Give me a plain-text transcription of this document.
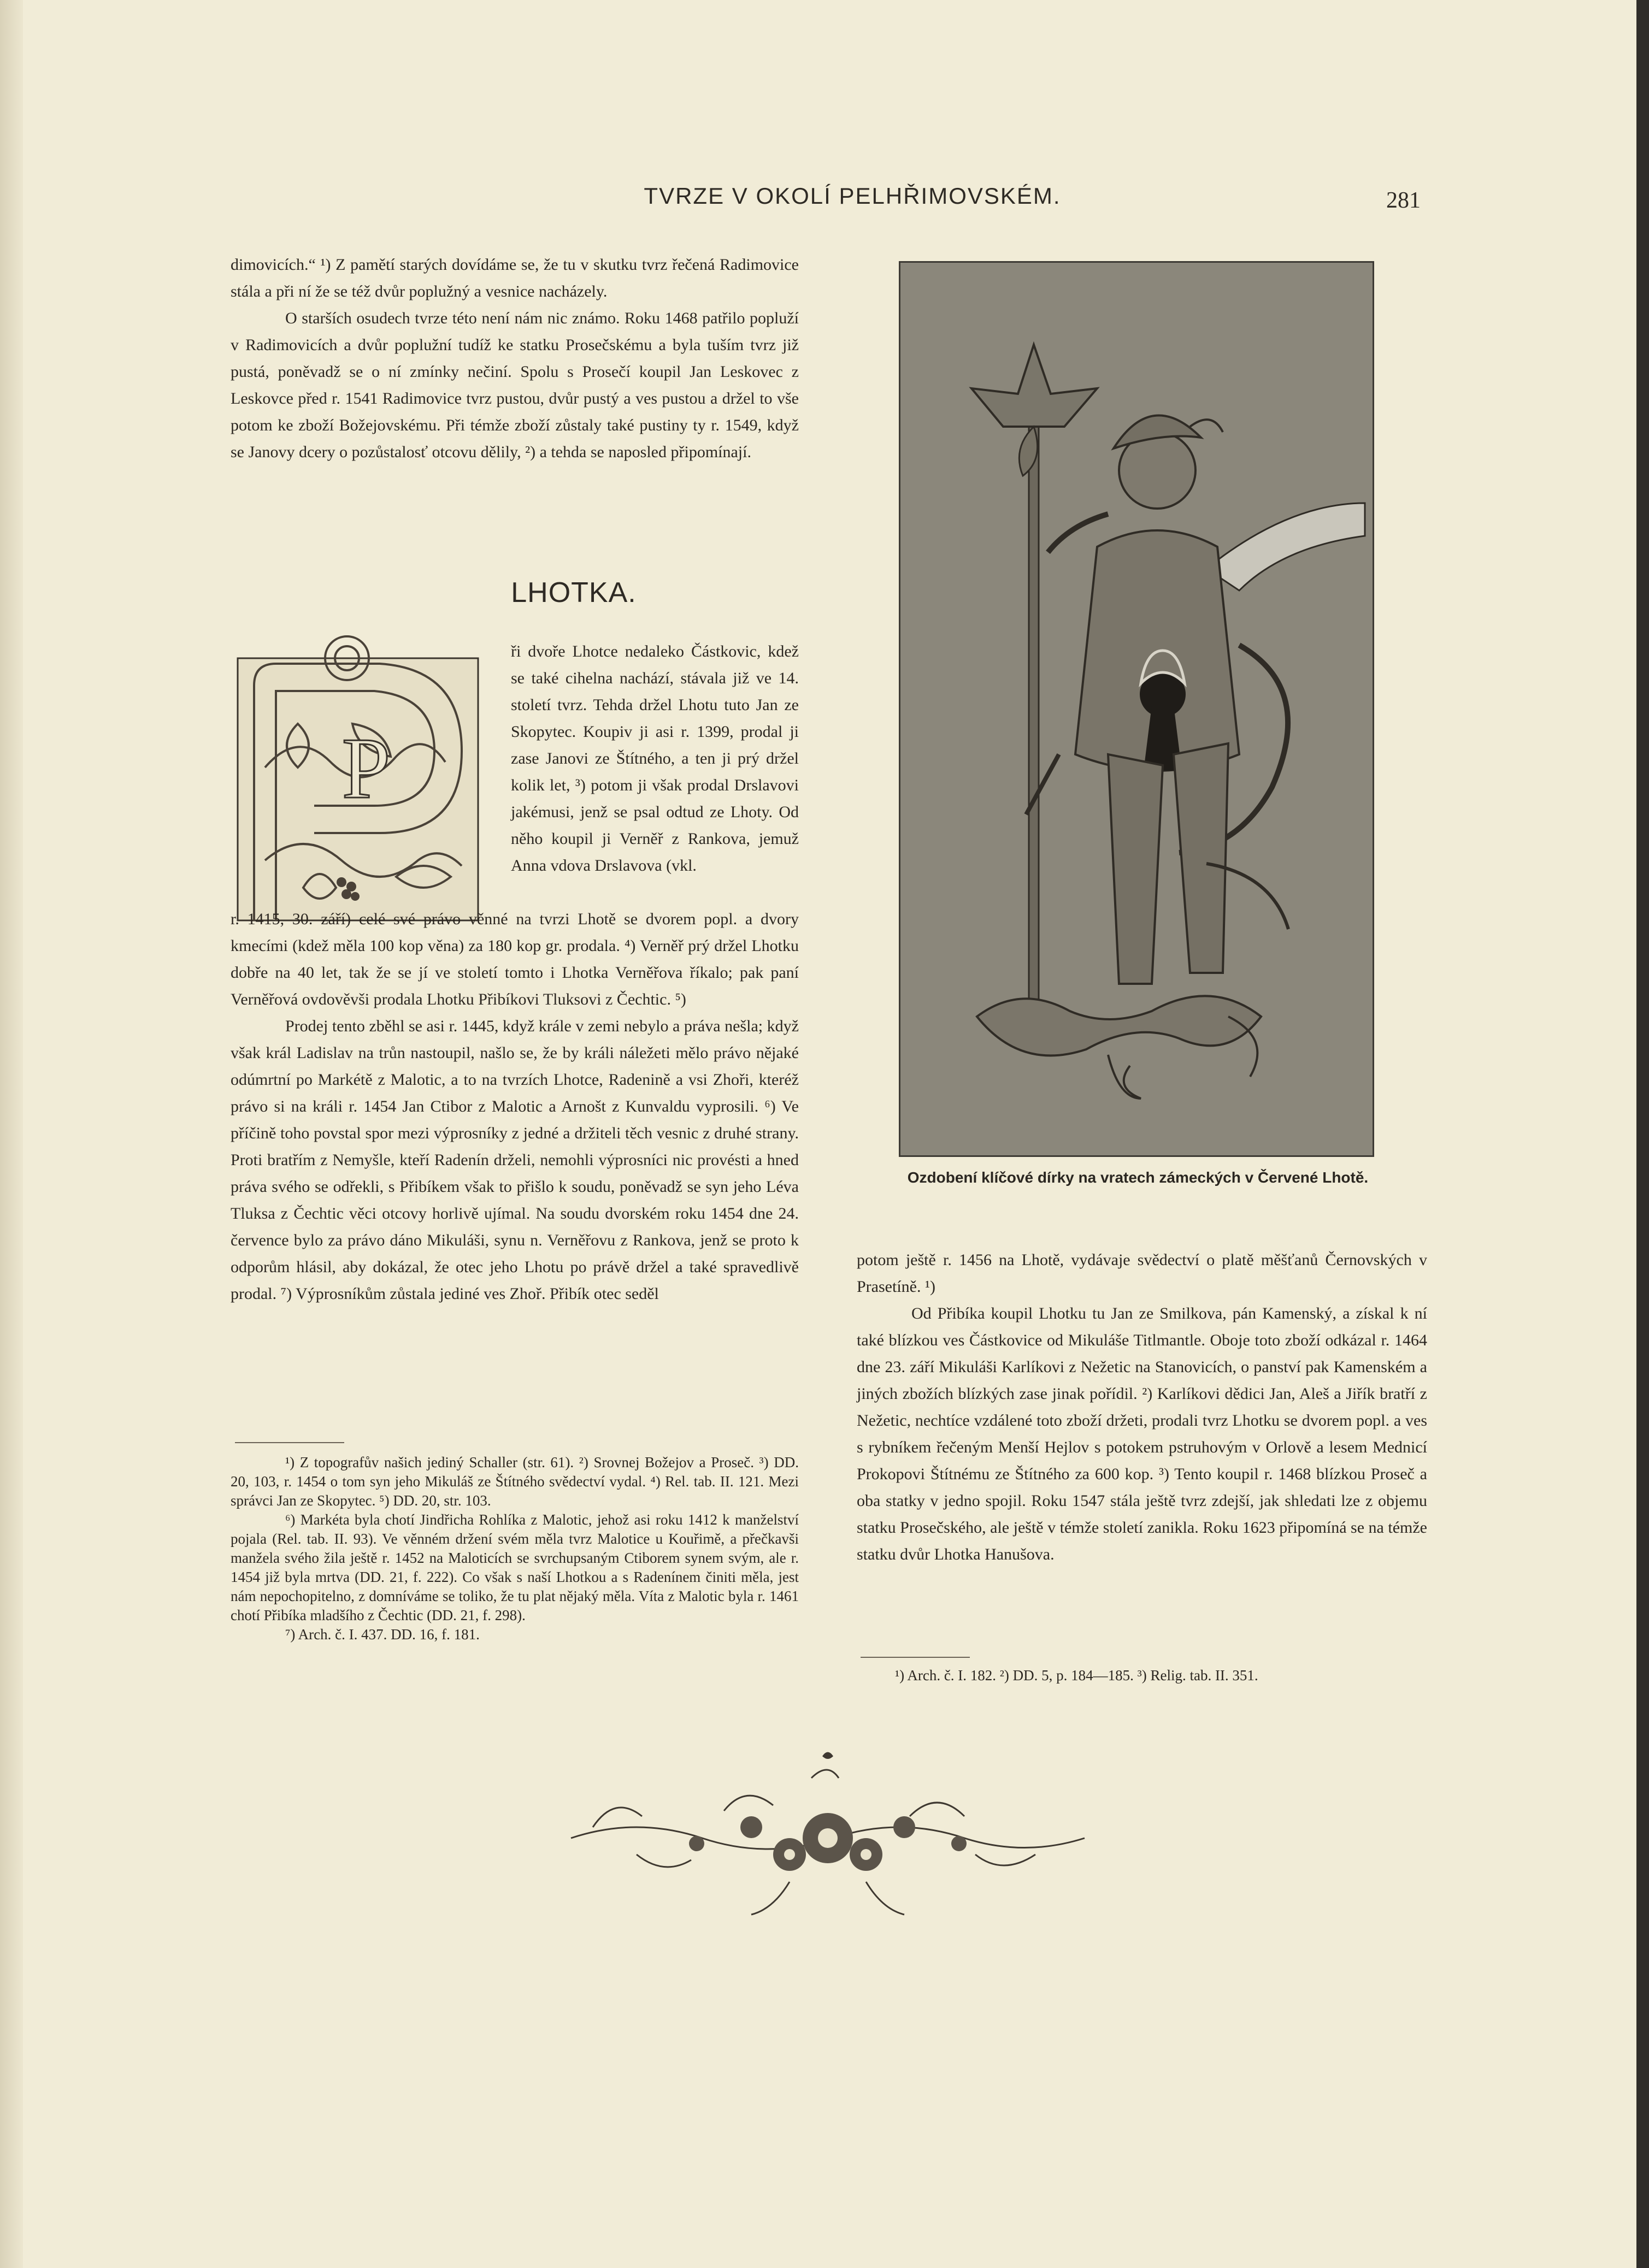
TVRZE V OKOLÍ PELHŘIMOVSKÉM.	281

dimovicích.“ ¹) Z pamětí starých dovídáme se, že tu v skutku tvrz řečená Radimovice stála a při ní že se též dvůr poplužný a vesnice nacházely.

O starších osudech tvrze této není nám nic známo. Roku 1468 patřilo popluží v Radimovicích a dvůr poplužní tudíž ke statku Prosečskému a byla tuším tvrz již pustá, poněvadž se o ní zmínky nečiní. Spolu s Prosečí koupil Jan Leskovec z Leskovce před r. 1541 Radimovice tvrz pustou, dvůr pustý a ves pustou a držel to vše potom ke zboží Božejovskému. Při témže zboží zůstaly také pustiny ty r. 1549, když se Janovy dcery o pozůstalosť otcovu dělily, ²) a tehda se naposled připomínají.

LHOTKA.
P

ři dvoře Lhotce nedaleko Částkovic, kdež se také cihelna nachází, stávala již ve 14. století tvrz. Tehda držel Lhotu tuto Jan ze Skopytec. Koupiv ji asi r. 1399, prodal ji zase Janovi ze Štítného, a ten ji prý držel kolik let, ³) potom ji však prodal Drslavovi jakémusi, jenž se psal odtud ze Lhoty. Od něho koupil ji Verněř z Rankova, jemuž Anna vdova Drslavova (vkl.

r. 1415, 30. září) celé své právo věnné na tvrzi Lhotě se dvorem popl. a dvory kmecími (kdež měla 100 kop věna) za 180 kop gr. prodala. ⁴) Verněř prý držel Lhotku dobře na 40 let, tak že se jí ve století tomto i Lhotka Verněřova říkalo; pak paní Verněřová ovdověvši prodala Lhotku Přibíkovi Tluksovi z Čechtic. ⁵)

Prodej tento zběhl se asi r. 1445, když krále v zemi nebylo a práva nešla; když však král Ladislav na trůn nastoupil, našlo se, že by králi náležeti mělo právo nějaké odúmrtní po Markétě z Malotic, a to na tvrzích Lhotce, Radenině a vsi Zhoři, kteréž právo si na králi r. 1454 Jan Ctibor z Malotic a Arnošt z Kunvaldu vyprosili. ⁶) Ve příčině toho povstal spor mezi výprosníky z jedné a držiteli těch vesnic z druhé strany. Proti bratřím z Nemyšle, kteří Radenín drželi, nemohli výprosníci nic provésti a hned práva svého se odřekli, s Přibíkem však to přišlo k soudu, poněvadž se syn jeho Léva Tluksa z Čechtic věci otcovy horlivě ujímal. Na soudu dvorském roku 1454 dne 24. července bylo za právo dáno Mikuláši, synu n. Verněřovu z Rankova, jenž se proto k odporům hlásil, aby dokázal, že otec jeho Lhotu po právě držel a také spravedlivě prodal. ⁷) Výprosníkům zůstala jediné ves Zhoř. Přibík otec seděl

¹) Z topografův našich jediný Schaller (str. 61). ²) Srovnej Božejov a Proseč. ³) DD. 20, 103, r. 1454 o tom syn jeho Mikuláš ze Štítného svědectví vydal. ⁴) Rel. tab. II. 121. Mezi správci Jan ze Skopytec. ⁵) DD. 20, str. 103.

⁶) Markéta byla chotí Jindřicha Rohlíka z Malotic, jehož asi roku 1412 k manželství pojala (Rel. tab. II. 93). Ve věnném držení svém měla tvrz Malotice u Kouřimě, a přečkavši manžela svého žila ještě r. 1452 na Maloticích se svrchupsaným Ctiborem synem svým, ale r. 1454 již byla mrtva (DD. 21, f. 222). Co však s naší Lhotkou a s Radenínem činiti měla, jest nám nepochopitelno, z domníváme se toliko, že tu plat nějaký měla. Víta z Malotic byla r. 1461 chotí Přibíka mladšího z Čechtic (DD. 21, f. 298).

⁷) Arch. č. I. 437. DD. 16, f. 181.

Ozdobení klíčové dírky na vratech zámeckých v Červené Lhotě.

potom ještě r. 1456 na Lhotě, vydávaje svědectví o platě měšťanů Černovských v Prasetíně. ¹)

Od Přibíka koupil Lhotku tu Jan ze Smilkova, pán Kamenský, a získal k ní také blízkou ves Částkovice od Mikuláše Titlmantle. Oboje toto zboží odkázal r. 1464 dne 23. září Mikuláši Karlíkovi z Nežetic na Stanovicích, o panství pak Kamenském a jiných zbožích blízkých zase jinak pořídil. ²) Karlíkovi dědici Jan, Aleš a Jiřík bratří z Nežetic, nechtíce vzdálené toto zboží držeti, prodali tvrz Lhotku se dvorem popl. a ves s rybníkem řečeným Menší Hejlov s potokem pstruhovým v Orlově a lesem Mednicí Prokopovi Štítnému ze Štítného za 600 kop. ³) Tento koupil r. 1468 blízkou Proseč a oba statky v jedno spojil. Roku 1547 stála ještě tvrz zdejší, jak shledati lze z objemu statku Prosečského, ale ještě v témže století zanikla. Roku 1623 připomíná se na témže statku dvůr Lhotka Hanušova.

¹) Arch. č. I. 182. ²) DD. 5, p. 184—185. ³) Relig. tab. II. 351.
